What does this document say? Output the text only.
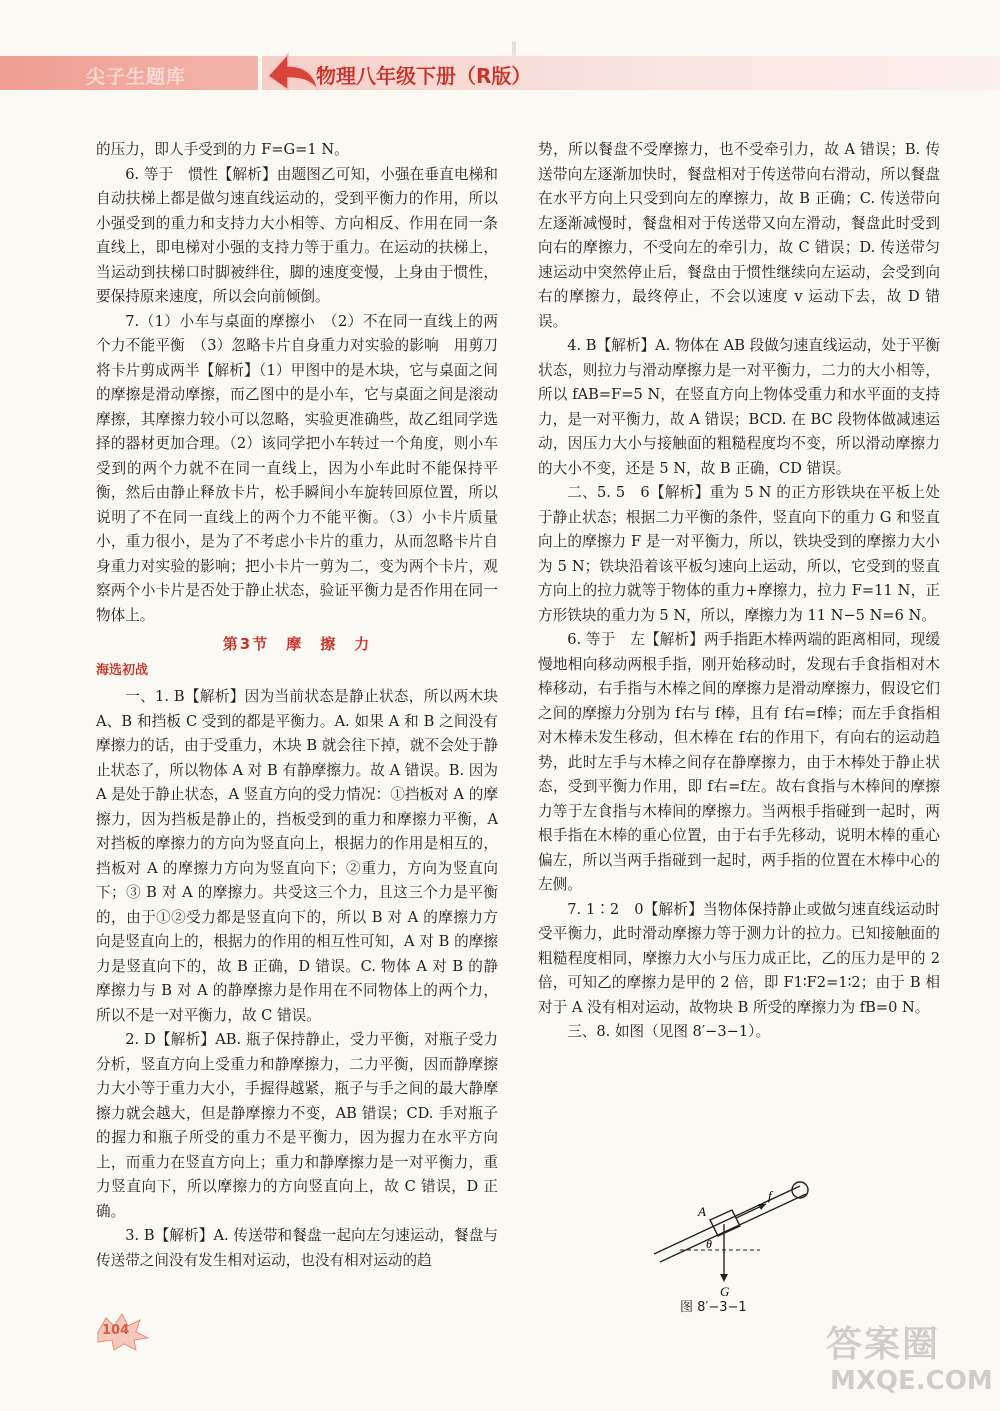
尖子生题库	物理八年级下册（R版）

的压力，即人手受到的力 F=G=1 N。

6. 等于　惯性【解析】由题图乙可知，小强在垂直电梯和自动扶梯上都是做匀速直线运动的，受到平衡力的作用，所以小强受到的重力和支持力大小相等、方向相反、作用在同一条直线上，即电梯对小强的支持力等于重力。在运动的扶梯上，当运动到扶梯口时脚被绊住，脚的速度变慢，上身由于惯性，要保持原来速度，所以会向前倾倒。

7.（1）小车与桌面的摩擦小　（2）不在同一直线上的两个力不能平衡　（3）忽略卡片自身重力对实验的影响　用剪刀将卡片剪成两半【解析】（1）甲图中的是木块，它与桌面之间的摩擦是滑动摩擦，而乙图中的是小车，它与桌面之间是滚动摩擦，其摩擦力较小可以忽略，实验更准确些，故乙组同学选择的器材更加合理。（2）该同学把小车转过一个角度，则小车受到的两个力就不在同一直线上，因为小车此时不能保持平衡，然后由静止释放卡片，松手瞬间小车旋转回原位置，所以说明了不在同一直线上的两个力不能平衡。（3）小卡片质量小，重力很小，是为了不考虑小卡片的重力，从而忽略卡片自身重力对实验的影响；把小卡片一剪为二，变为两个卡片，观察两个小卡片是否处于静止状态，验证平衡力是否作用在同一物体上。

第3节　摩　擦　力
海选初战

一、1. B【解析】因为当前状态是静止状态，所以两木块 A、B 和挡板 C 受到的都是平衡力。A. 如果 A 和 B 之间没有摩擦力的话，由于受重力，木块 B 就会往下掉，就不会处于静止状态了，所以物体 A 对 B 有静摩擦力。故 A 错误。B. 因为 A 是处于静止状态，A 竖直方向的受力情况：①挡板对 A 的摩擦力，因为挡板是静止的，挡板受到的重力和摩擦力平衡，A 对挡板的摩擦力的方向为竖直向上，根据力的作用是相互的，挡板对 A 的摩擦力方向为竖直向下；②重力，方向为竖直向下；③ B 对 A 的摩擦力。共受这三个力，且这三个力是平衡的，由于①②受力都是竖直向下的，所以 B 对 A 的摩擦力方向是竖直向上的，根据力的作用的相互性可知，A 对 B 的摩擦力是竖直向下的，故 B 正确，D 错误。C. 物体 A 对 B 的静摩擦力与 B 对 A 的静摩擦力是作用在不同物体上的两个力，所以不是一对平衡力，故 C 错误。

2. D【解析】AB. 瓶子保持静止，受力平衡，对瓶子受力分析，竖直方向上受重力和静摩擦力，二力平衡，因而静摩擦力大小等于重力大小，手握得越紧，瓶子与手之间的最大静摩擦力就会越大，但是静摩擦力不变，AB 错误；CD. 手对瓶子的握力和瓶子所受的重力不是平衡力，因为握力在水平方向上，而重力在竖直方向上；重力和静摩擦力是一对平衡力，重力竖直向下，所以摩擦力的方向竖直向上，故 C 错误，D 正确。

3. B【解析】A. 传送带和餐盘一起向左匀速运动，餐盘与传送带之间没有发生相对运动，也没有相对运动的趋

势，所以餐盘不受摩擦力，也不受牵引力，故 A 错误；B. 传送带向左逐渐加快时，餐盘相对于传送带向右滑动，所以餐盘在水平方向上只受到向左的摩擦力，故 B 正确；C. 传送带向左逐渐减慢时，餐盘相对于传送带又向左滑动，餐盘此时受到向右的摩擦力，不受向左的牵引力，故 C 错误；D. 传送带匀速运动中突然停止后，餐盘由于惯性继续向左运动，会受到向右的摩擦力，最终停止，不会以速度 v 运动下去，故 D 错误。

4. B【解析】A. 物体在 AB 段做匀速直线运动，处于平衡状态，则拉力与滑动摩擦力是一对平衡力，二力的大小相等，所以 fAB=F=5 N，在竖直方向上物体受重力和水平面的支持力，是一对平衡力，故 A 错误；BCD. 在 BC 段物体做减速运动，因压力大小与接触面的粗糙程度均不变，所以滑动摩擦力的大小不变，还是 5 N，故 B 正确，CD 错误。

二、5. 5　6【解析】重为 5 N 的正方形铁块在平板上处于静止状态；根据二力平衡的条件，竖直向下的重力 G 和竖直向上的摩擦力 F 是一对平衡力，所以，铁块受到的摩擦力大小为 5 N；铁块沿着该平板匀速向上运动，所以，它受到的竖直方向上的拉力就等于物体的重力+摩擦力，拉力 F=11 N，正方形铁块的重力为 5 N，所以，摩擦力为 11 N−5 N=6 N。

6. 等于　左【解析】两手指距木棒两端的距离相同，现缓慢地相向移动两根手指，刚开始移动时，发现右手食指相对木棒移动，右手指与木棒之间的摩擦力是滑动摩擦力，假设它们之间的摩擦力分别为 f右与 f棒，且有 f右=f棒；而左手食指相对木棒未发生移动，但木棒在 f右的作用下，有向右的运动趋势，此时左手与木棒之间存在静摩擦力，由于木棒处于静止状态，受到平衡力作用，即 f右=f左。故右食指与木棒间的摩擦力等于左食指与木棒间的摩擦力。当两根手指碰到一起时，两根手指在木棒的重心位置，由于右手先移动，说明木棒的重心偏左，所以当两手指碰到一起时，两手指的位置在木棒中心的左侧。

7. 1∶2　0【解析】当物体保持静止或做匀速直线运动时受平衡力，此时滑动摩擦力等于测力计的拉力。已知接触面的粗糙程度相同，摩擦力大小与压力成正比，乙的压力是甲的 2 倍，可知乙的摩擦力是甲的 2 倍，即 F1∶F2=1∶2；由于 B 相对于 A 没有相对运动，故物块 B 所受的摩擦力为 fB=0 N。

三、8. 如图（见图 8′−3−1）。

A
f
θ
G
图 8′−3−1
104	答案圈
MXQE.COM
